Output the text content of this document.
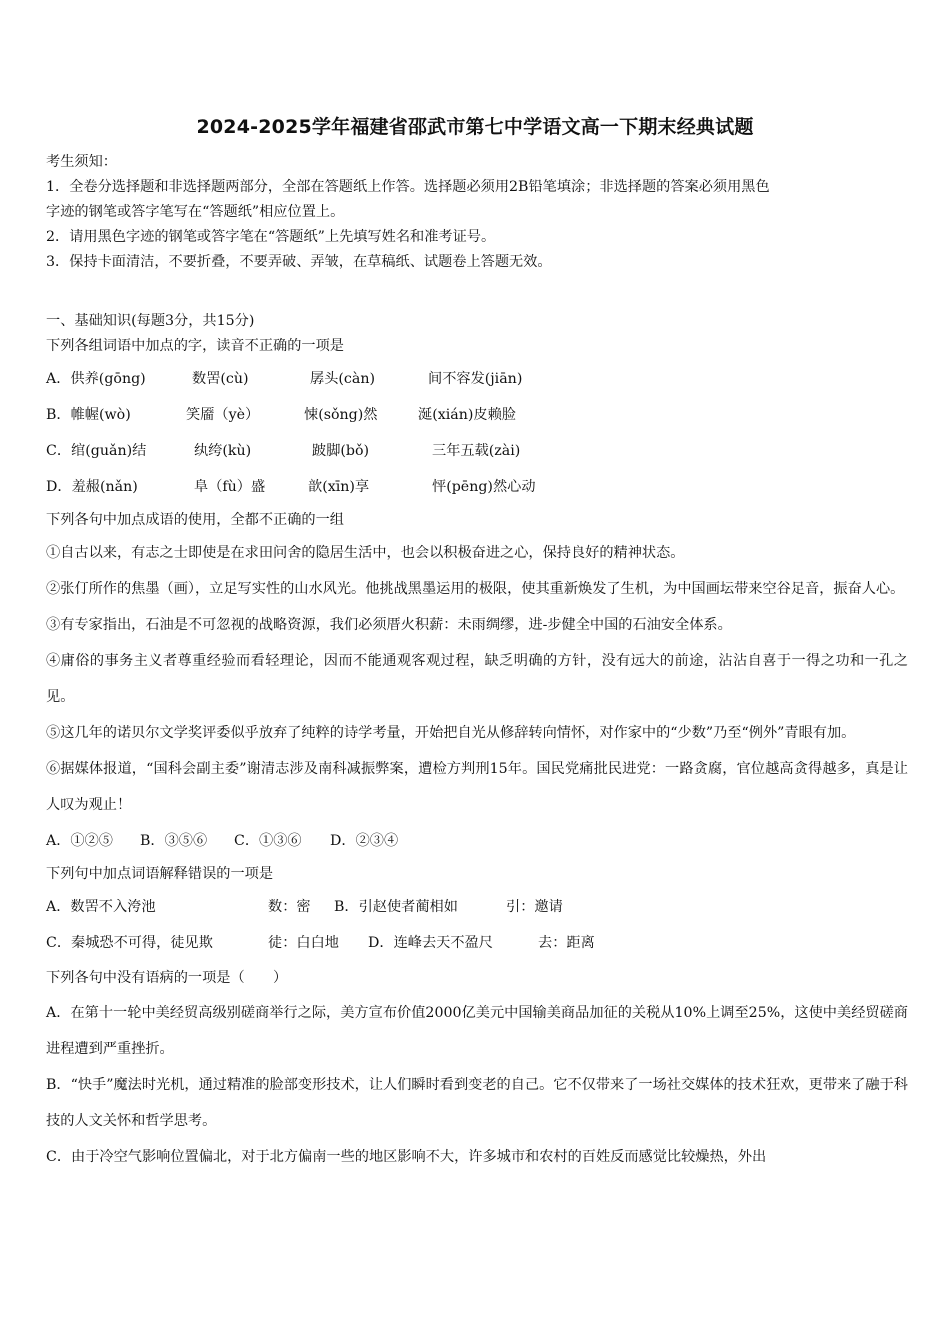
2024-2025学年福建省邵武市第七中学语文高一下期末经典试题
考生须知：
1．全卷分选择题和非选择题两部分，全部在答题纸上作答。选择题必须用2B铅笔填涂；非选择题的答案必须用黑色
字迹的钢笔或答字笔写在“答题纸”相应位置上。
2．请用黑色字迹的钢笔或答字笔在“答题纸”上先填写姓名和准考证号。
3．保持卡面清洁，不要折叠，不要弄破、弄皱，在草稿纸、试题卷上答题无效。
一、基础知识(每题3分，共15分)
下列各组词语中加点的字，读音不正确的一项是
A．供养(gōng)	数罟(cù)	孱头(càn)	间不容发(jiān)
B．帷幄(wò)	笑靥（yè）	悚(sǒng)然	涎(xián)皮赖脸
C．绾(guǎn)结	纨绔(kù)	跛脚(bǒ)	三年五载(zài)
D．羞赧(nǎn)	阜（fù）盛	歆(xīn)享	怦(pēng)然心动
下列各句中加点成语的使用，全都不正确的一组
①自古以来，有志之士即使是在求田问舍的隐居生活中，也会以积极奋进之心，保持良好的精神状态。
②张仃所作的焦墨（画），立足写实性的山水风光。他挑战黑墨运用的极限，使其重新焕发了生机，为中国画坛带来空谷足音，振奋人心。
③有专家指出，石油是不可忽视的战略资源，我们必须厝火积薪：未雨绸缪，进-步健全中国的石油安全体系。
④庸俗的事务主义者尊重经验而看轻理论，因而不能通观客观过程，缺乏明确的方针，没有远大的前途，沾沾自喜于一得之功和一孔之见。
⑤这几年的诺贝尔文学奖评委似乎放弃了纯粹的诗学考量，开始把自光从修辞转向情怀，对作家中的“少数”乃至“例外”青眼有加。
⑥据媒体报道，“国科会副主委”谢清志涉及南科减振弊案，遭检方判刑15年。国民党痛批民进党：一路贪腐，官位越高贪得越多，真是让人叹为观止！
A．①②⑤ B．③⑤⑥ C．①③⑥ D．②③④
下列句中加点词语解释错误的一项是
A．数罟不入洿池	数：密 B．引赵使者蔺相如	引：邀请
C．秦城恐不可得，徒见欺	徒：白白地 D．连峰去天不盈尺	去：距离
下列各句中没有语病的一项是（　　）
A．在第十一轮中美经贸高级别磋商举行之际，美方宣布价值2000亿美元中国输美商品加征的关税从10%上调至25%，这使中美经贸磋商进程遭到严重挫折。
B．“快手”魔法时光机，通过精准的脸部变形技术，让人们瞬时看到变老的自己。它不仅带来了一场社交媒体的技术狂欢，更带来了融于科技的人文关怀和哲学思考。
C．由于冷空气影响位置偏北，对于北方偏南一些的地区影响不大，许多城市和农村的百姓反而感觉比较燥热，外出
